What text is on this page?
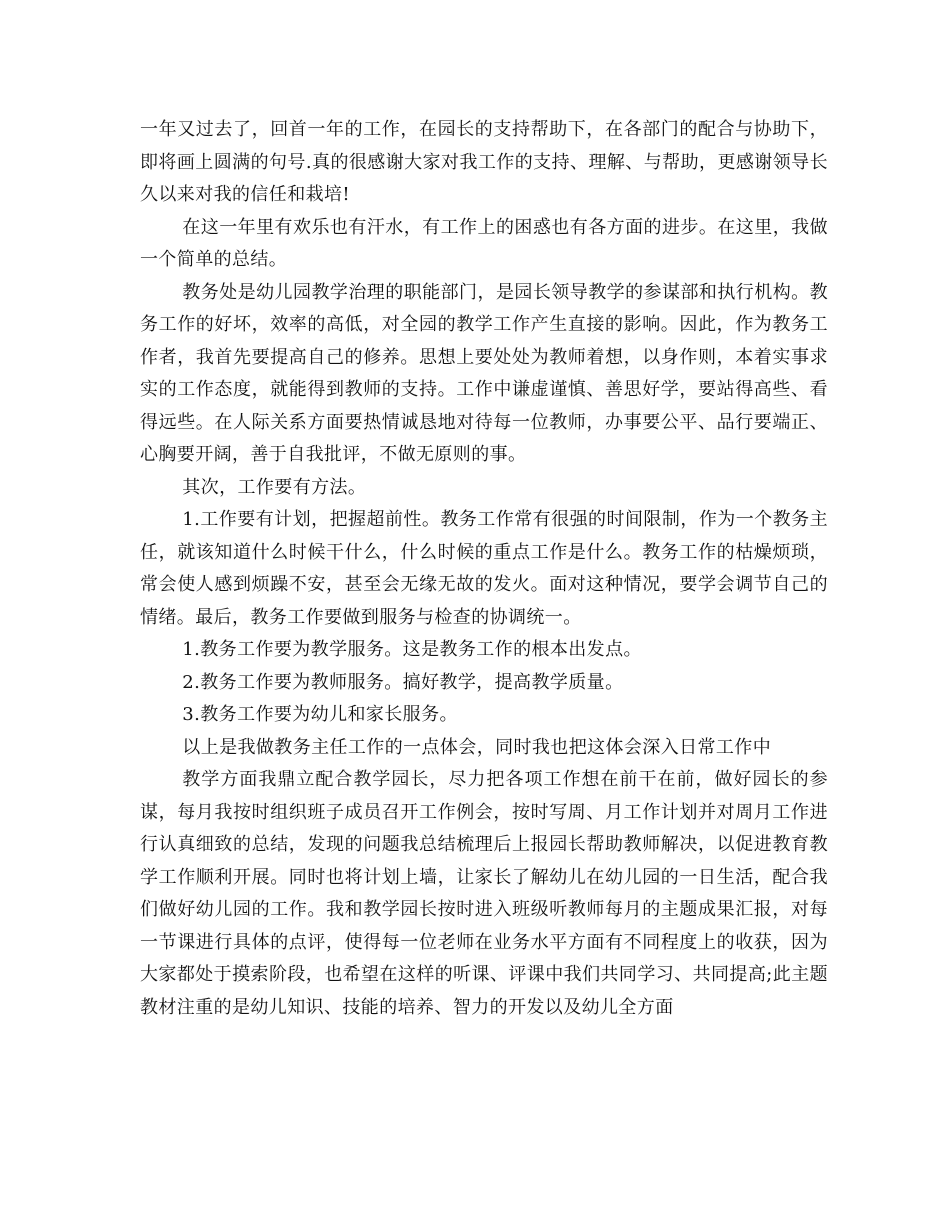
一年又过去了，回首一年的工作，在园长的支持帮助下，在各部门的配合与协助下，即将画上圆满的句号.真的很感谢大家对我工作的支持、理解、与帮助，更感谢领导长久以来对我的信任和栽培!

在这一年里有欢乐也有汗水，有工作上的困惑也有各方面的进步。在这里，我做一个简单的总结。

教务处是幼儿园教学治理的职能部门，是园长领导教学的参谋部和执行机构。教务工作的好坏，效率的高低，对全园的教学工作产生直接的影响。因此，作为教务工作者，我首先要提高自己的修养。思想上要处处为教师着想，以身作则，本着实事求实的工作态度，就能得到教师的支持。工作中谦虚谨慎、善思好学，要站得高些、看得远些。在人际关系方面要热情诚恳地对待每一位教师，办事要公平、品行要端正、心胸要开阔，善于自我批评，不做无原则的事。

其次，工作要有方法。

1.工作要有计划，把握超前性。教务工作常有很强的时间限制，作为一个教务主任，就该知道什么时候干什么，什么时候的重点工作是什么。教务工作的枯燥烦琐，常会使人感到烦躁不安，甚至会无缘无故的发火。面对这种情况，要学会调节自己的情绪。最后，教务工作要做到服务与检查的协调统一。

1.教务工作要为教学服务。这是教务工作的根本出发点。

2.教务工作要为教师服务。搞好教学，提高教学质量。

3.教务工作要为幼儿和家长服务。

以上是我做教务主任工作的一点体会，同时我也把这体会深入日常工作中

教学方面我鼎立配合教学园长，尽力把各项工作想在前干在前，做好园长的参谋，每月我按时组织班子成员召开工作例会，按时写周、月工作计划并对周月工作进行认真细致的总结，发现的问题我总结梳理后上报园长帮助教师解决，以促进教育教学工作顺利开展。同时也将计划上墙，让家长了解幼儿在幼儿园的一日生活，配合我们做好幼儿园的工作。我和教学园长按时进入班级听教师每月的主题成果汇报，对每一节课进行具体的点评，使得每一位老师在业务水平方面有不同程度上的收获，因为大家都处于摸索阶段，也希望在这样的听课、评课中我们共同学习、共同提高;此主题教材注重的是幼儿知识、技能的培养、智力的开发以及幼儿全方面
